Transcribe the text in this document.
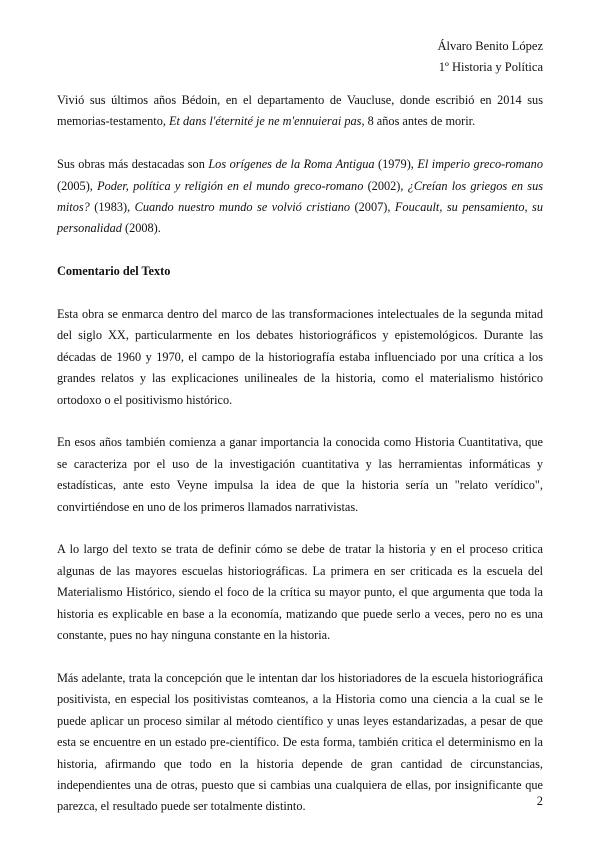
Álvaro Benito López
1º Historia y Política

Vivió sus últimos años Bédoin, en el departamento de Vaucluse, donde escribió en 2014 sus memorias-testamento, Et dans l'éternité je ne m'ennuierai pas, 8 años antes de morir.

Sus obras más destacadas son Los orígenes de la Roma Antigua (1979), El imperio greco-romano (2005), Poder, política y religión en el mundo greco-romano (2002), ¿Creían los griegos en sus mitos? (1983), Cuando nuestro mundo se volvió cristiano (2007), Foucault, su pensamiento, su personalidad (2008).

Comentario del Texto

Esta obra se enmarca dentro del marco de las transformaciones intelectuales de la segunda mitad del siglo XX, particularmente en los debates historiográficos y epistemológicos. Durante las décadas de 1960 y 1970, el campo de la historiografía estaba influenciado por una crítica a los grandes relatos y las explicaciones unilineales de la historia, como el materialismo histórico ortodoxo o el positivismo histórico.

En esos años también comienza a ganar importancia la conocida como Historia Cuantitativa, que se caracteriza por el uso de la investigación cuantitativa y las herramientas informáticas y estadísticas, ante esto Veyne impulsa la idea de que la historia sería un "relato verídico", convirtiéndose en uno de los primeros llamados narrativistas.

A lo largo del texto se trata de definir cómo se debe de tratar la historia y en el proceso critica algunas de las mayores escuelas historiográficas. La primera en ser criticada es la escuela del Materialismo Histórico, siendo el foco de la crítica su mayor punto, el que argumenta que toda la historia es explicable en base a la economía, matizando que puede serlo a veces, pero no es una constante, pues no hay ninguna constante en la historia.

Más adelante, trata la concepción que le intentan dar los historiadores de la escuela historiográfica positivista, en especial los positivistas comteanos, a la Historia como una ciencia a la cual se le puede aplicar un proceso similar al método científico y unas leyes estandarizadas, a pesar de que esta se encuentre en un estado pre-científico. De esta forma, también critica el determinismo en la historia, afirmando que todo en la historia depende de gran cantidad de circunstancias, independientes una de otras, puesto que si cambias una cualquiera de ellas, por insignificante que parezca, el resultado puede ser totalmente distinto.	2
